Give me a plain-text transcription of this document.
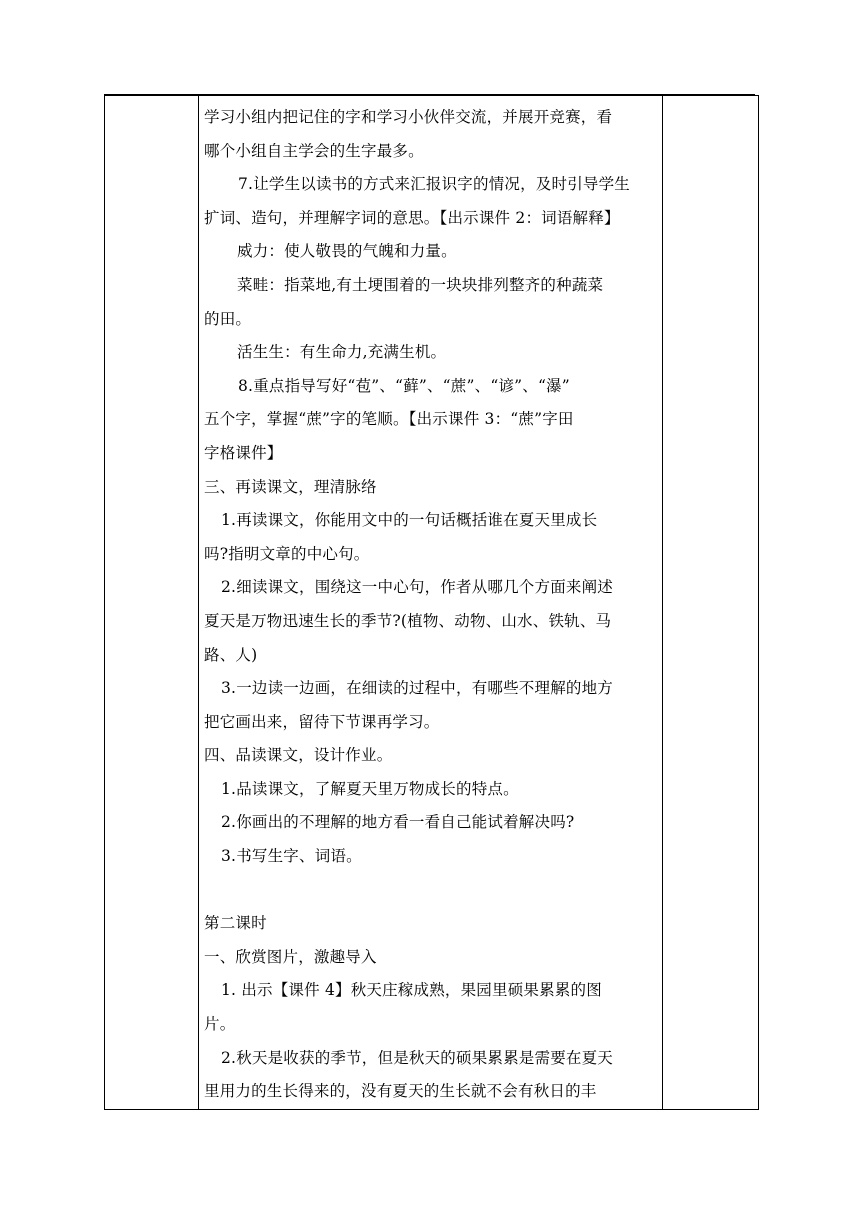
学习小组内把记住的字和学习小伙伴交流，并展开竞赛，看

哪个小组自主学会的生字最多。

7.让学生以读书的方式来汇报识字的情况，及时引导学生

扩词、造句，并理解字词的意思。【出示课件 2：词语解释】

威力：使人敬畏的气魄和力量。

菜畦：指菜地,有土埂围着的一块块排列整齐的种蔬菜

的田。

活生生：有生命力,充满生机。

8.重点指导写好“苞”、“藓”、“蔗”、“谚”、“瀑”

五个字，掌握“蔗”字的笔顺。【出示课件 3：“蔗”字田

字格课件】

三、再读课文，理清脉络

1.再读课文，你能用文中的一句话概括谁在夏天里成长

吗?指明文章的中心句。

2.细读课文，围绕这一中心句，作者从哪几个方面来阐述

夏天是万物迅速生长的季节?(植物、动物、山水、铁轨、马

路、人)

3.一边读一边画，在细读的过程中，有哪些不理解的地方

把它画出来，留待下节课再学习。

四、品读课文，设计作业。

1.品读课文，了解夏天里万物成长的特点。

2.你画出的不理解的地方看一看自己能试着解决吗?

3.书写生字、词语。

第二课时

一、欣赏图片，激趣导入

1. 出示【课件 4】秋天庄稼成熟，果园里硕果累累的图

片。

2.秋天是收获的季节，但是秋天的硕果累累是需要在夏天

里用力的生长得来的，没有夏天的生长就不会有秋日的丰
